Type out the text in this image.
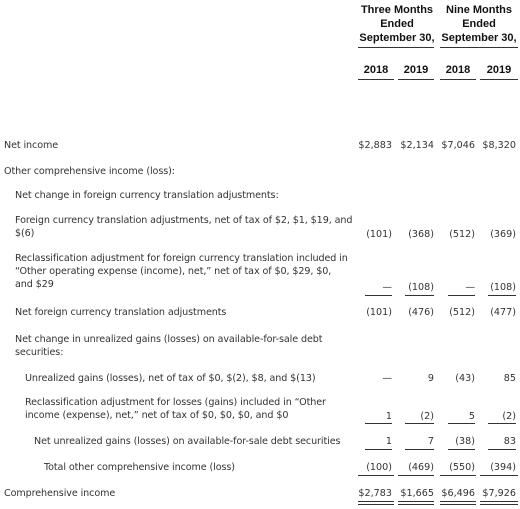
Three Months
Ended
September 30,
Nine Months
Ended
September 30,
2018	2019	2018	2019
Net income	$2,883 $2,134 $7,046 $8,320
Other comprehensive income (loss):
Net change in foreign currency translation adjustments:
Foreign currency translation adjustments, net of tax of $2, $1, $19, and $(6)	(101)	(368)	(512)	(369)
Reclassification adjustment for foreign currency translation included in “Other operating expense (income), net,” net of tax of $0, $29, $0, and $29	—	(108)	—	(108)
Net foreign currency translation adjustments	(101)	(476)	(512)	(477)
Net change in unrealized gains (losses) on available-for-sale debt securities:
Unrealized gains (losses), net of tax of $0, $(2), $8, and $(13)	—	9	(43)	85
Reclassification adjustment for losses (gains) included in “Other income (expense), net,” net of tax of $0, $0, $0, and $0	1	(2)	5	(2)
Net unrealized gains (losses) on available-for-sale debt securities	1	7	(38)	83
Total other comprehensive income (loss)	(100)	(469)	(550)	(394)
Comprehensive income	$2,783 $1,665 $6,496 $7,926
